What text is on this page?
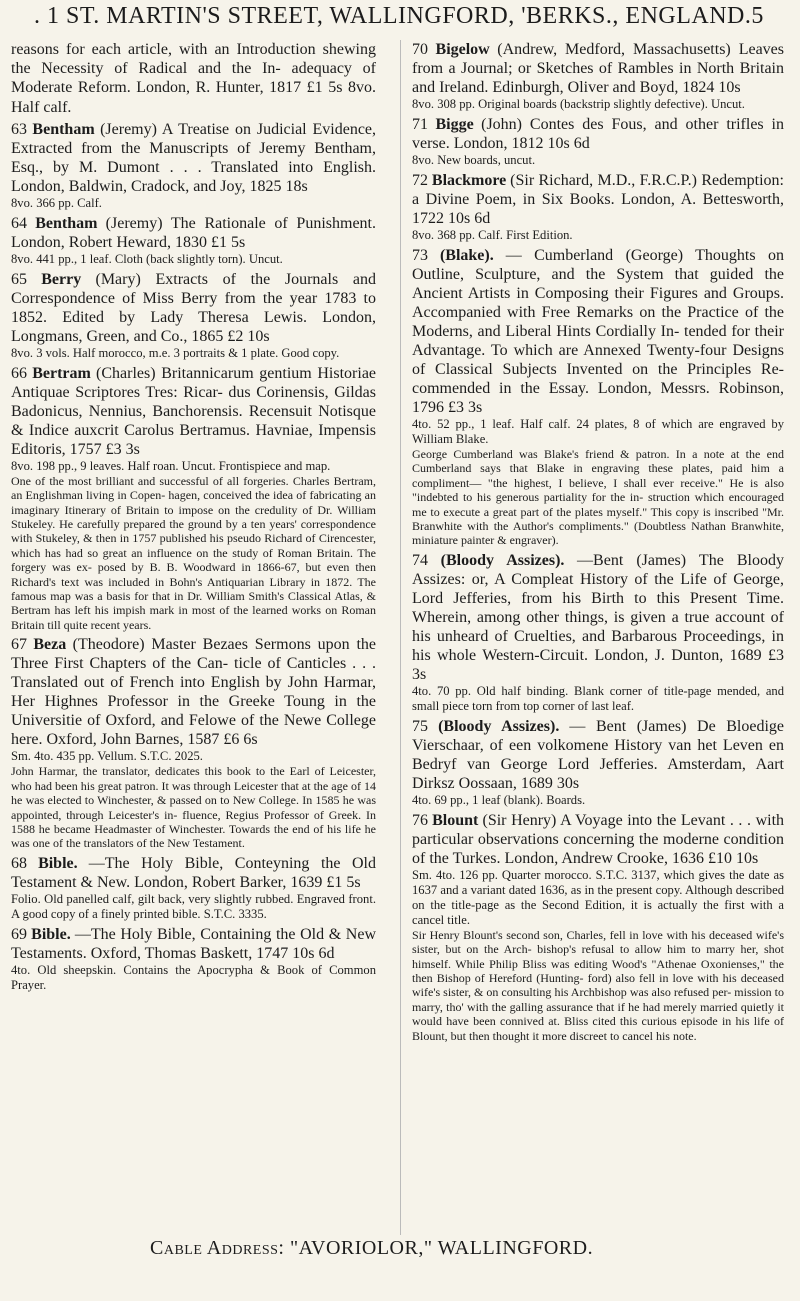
. 1 ST. MARTIN'S STREET, WALLINGFORD, 'BERKS., ENGLAND. 5
reasons for each article, with an Introduction shewing the Necessity of Radical and the In- adequacy of Moderate Reform. London, R. Hunter, 1817 £1 5s 8vo. Half calf.
63 Bentham (Jeremy) A Treatise on Judicial Evidence, Extracted from the Manuscripts of Jeremy Bentham, Esq., by M. Dumont . . . Translated into English. London, Baldwin, Cradock, and Joy, 1825 18s
8vo. 366 pp. Calf.
64 Bentham (Jeremy) The Rationale of Punishment. London, Robert Heward, 1830 £1 5s
8vo. 441 pp., 1 leaf. Cloth (back slightly torn). Uncut.
65 Berry (Mary) Extracts of the Journals and Correspondence of Miss Berry from the year 1783 to 1852. Edited by Lady Theresa Lewis. London, Longmans, Green, and Co., 1865 £2 10s
8vo. 3 vols. Half morocco, m.e. 3 portraits & 1 plate. Good copy.
66 Bertram (Charles) Britannicarum gentium Historiae Antiquae Scriptores Tres: Ricar- dus Corinensis, Gildas Badonicus, Nennius, Banchorensis. Recensuit Notisque & Indice auxcrit Carolus Bertramus. Havniae, Impensis Editoris, 1757 £3 3s
8vo. 198 pp., 9 leaves. Half roan. Uncut. Frontispiece and map.
One of the most brilliant and successful of all forgeries. Charles Bertram, an Englishman living in Copen- hagen, conceived the idea of fabricating an imaginary Itinerary of Britain to impose on the credulity of Dr. William Stukeley. He carefully prepared the ground by a ten years' correspondence with Stukeley, & then in 1757 published his pseudo Richard of Cirencester, which has had so great an influence on the study of Roman Britain. The forgery was ex- posed by B. B. Woodward in 1866-67, but even then Richard's text was included in Bohn's Antiquarian Library in 1872. The famous map was a basis for that in Dr. William Smith's Classical Atlas, & Bertram has left his impish mark in most of the learned works on Roman Britain till quite recent years.
67 Beza (Theodore) Master Bezaes Sermons upon the Three First Chapters of the Can- ticle of Canticles . . . Translated out of French into English by John Harmar, Her Highnes Professor in the Greeke Toung in the Universitie of Oxford, and Felowe of the Newe College here. Oxford, John Barnes, 1587 £6 6s
Sm. 4to. 435 pp. Vellum. S.T.C. 2025.
John Harmar, the translator, dedicates this book to the Earl of Leicester, who had been his great patron. It was through Leicester that at the age of 14 he was elected to Winchester, & passed on to New College. In 1585 he was appointed, through Leicester's in- fluence, Regius Professor of Greek. In 1588 he became Headmaster of Winchester. Towards the end of his life he was one of the translators of the New Testament.
68 Bible. —The Holy Bible, Conteyning the Old Testament & New. London, Robert Barker, 1639 £1 5s
Folio. Old panelled calf, gilt back, very slightly rubbed. Engraved front. A good copy of a finely printed bible. S.T.C. 3335.
69 Bible. —The Holy Bible, Containing the Old & New Testaments. Oxford, Thomas Baskett, 1747 10s 6d
4to. Old sheepskin. Contains the Apocrypha & Book of Common Prayer.
70 Bigelow (Andrew, Medford, Massachusetts) Leaves from a Journal; or Sketches of Rambles in North Britain and Ireland. Edinburgh, Oliver and Boyd, 1824 10s
8vo. 308 pp. Original boards (backstrip slightly defective). Uncut.
71 Bigge (John) Contes des Fous, and other trifles in verse. London, 1812 10s 6d
8vo. New boards, uncut.
72 Blackmore (Sir Richard, M.D., F.R.C.P.) Redemption: a Divine Poem, in Six Books. London, A. Bettesworth, 1722 10s 6d
8vo. 368 pp. Calf. First Edition.
73 (Blake). — Cumberland (George) Thoughts on Outline, Sculpture, and the System that guided the Ancient Artists in Composing their Figures and Groups. Accompanied with Free Remarks on the Practice of the Moderns, and Liberal Hints Cordially In- tended for their Advantage. To which are Annexed Twenty-four Designs of Classical Subjects Invented on the Principles Re- commended in the Essay. London, Messrs. Robinson, 1796 £3 3s
4to. 52 pp., 1 leaf. Half calf. 24 plates, 8 of which are engraved by William Blake.
George Cumberland was Blake's friend & patron. In a note at the end Cumberland says that Blake in engraving these plates, paid him a compliment— "the highest, I believe, I shall ever receive." He is also "indebted to his generous partiality for the in- struction which encouraged me to execute a great part of the plates myself." This copy is inscribed "Mr. Branwhite with the Author's compliments." (Doubtless Nathan Branwhite, miniature painter & engraver).
74 (Bloody Assizes). —Bent (James) The Bloody Assizes: or, A Compleat History of the Life of George, Lord Jefferies, from his Birth to this Present Time. Wherein, among other things, is given a true account of his unheard of Cruelties, and Barbarous Proceedings, in his whole Western-Circuit. London, J. Dunton, 1689 £3 3s
4to. 70 pp. Old half binding. Blank corner of title-page mended, and small piece torn from top corner of last leaf.
75 (Bloody Assizes). — Bent (James) De Bloedige Vierschaar, of een volkomene History van het Leven en Bedryf van George Lord Jefferies. Amsterdam, Aart Dirksz Oossaan, 1689 30s
4to. 69 pp., 1 leaf (blank). Boards.
76 Blount (Sir Henry) A Voyage into the Levant . . . with particular observations concerning the moderne condition of the Turkes. London, Andrew Crooke, 1636 £10 10s
Sm. 4to. 126 pp. Quarter morocco. S.T.C. 3137, which gives the date as 1637 and a variant dated 1636, as in the present copy. Although described on the title-page as the Second Edition, it is actually the first with a cancel title.
Sir Henry Blount's second son, Charles, fell in love with his deceased wife's sister, but on the Arch- bishop's refusal to allow him to marry her, shot himself. While Philip Bliss was editing Wood's "Athenae Oxonienses," the then Bishop of Hereford (Hunting- ford) also fell in love with his deceased wife's sister, & on consulting his Archbishop was also refused per- mission to marry, tho' with the galling assurance that if he had merely married quietly it would have been connived at. Bliss cited this curious episode in his life of Blount, but then thought it more discreet to cancel his note.
Cable Address: "AVORIOLOR," WALLINGFORD.
